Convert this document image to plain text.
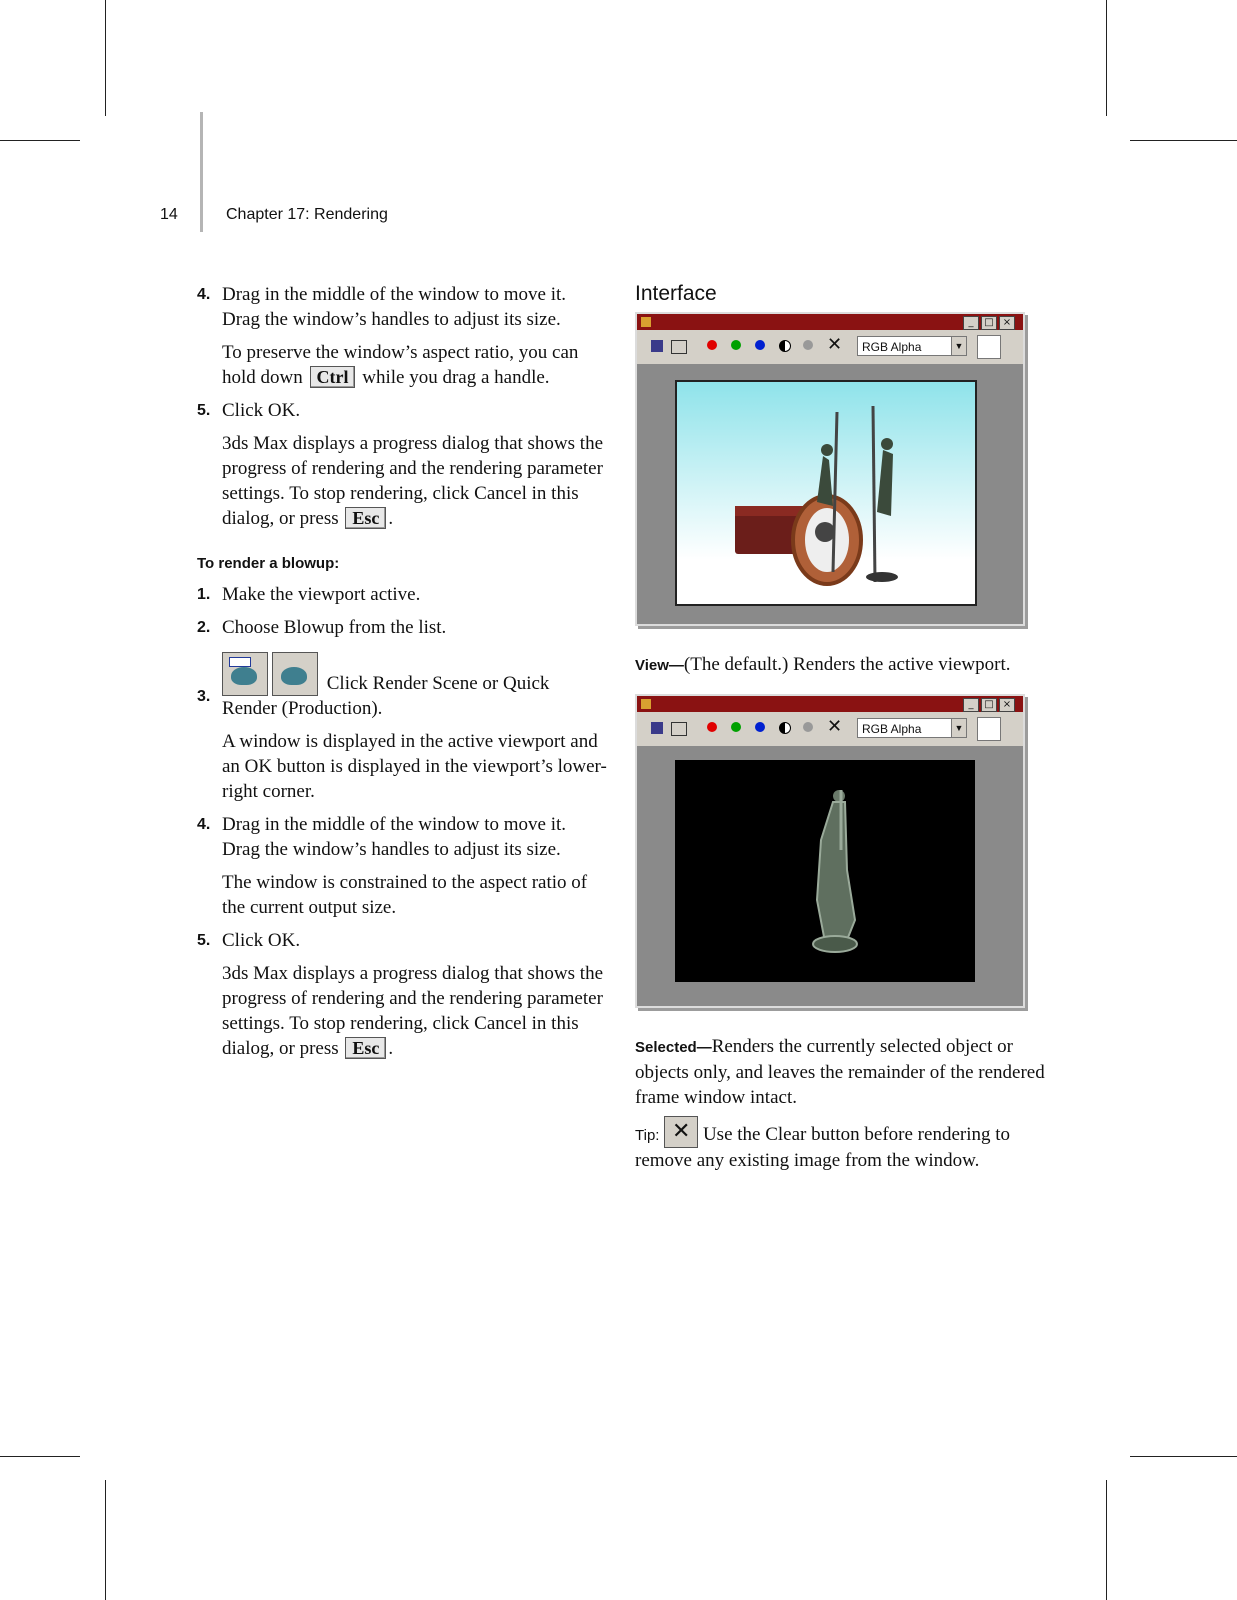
14	Chapter 17: Rendering

4. Drag in the middle of the window to move it. Drag the window’s handles to adjust its size.

To preserve the window’s aspect ratio, you can hold down Ctrl while you drag a handle.

5. Click OK.

3ds Max displays a progress dialog that shows the progress of rendering and the rendering parameter settings. To stop rendering, click Cancel in this dialog, or press Esc .

To render a blowup:

1. Make the viewport active.

2. Choose Blowup from the list.

3.
Click Render Scene or Quick Render (Production).

A window is displayed in the active viewport and an OK button is displayed in the viewport’s lower-right corner.

4. Drag in the middle of the window to move it. Drag the window’s handles to adjust its size.

The window is constrained to the aspect ratio of the current output size.

5. Click OK.

3ds Max displays a progress dialog that shows the progress of rendering and the rendering parameter settings. To stop rendering, click Cancel in this dialog, or press Esc .

Interface
_	□ ×
✕	RGB Alpha	▼

View—(The default.) Renders the active viewport.

_	□ ×
✕	RGB Alpha	▼

Selected—Renders the currently selected object or objects only, and leaves the remainder of the rendered frame window intact.

Tip: ✕ Use the Clear button before rendering to remove any existing image from the window.
